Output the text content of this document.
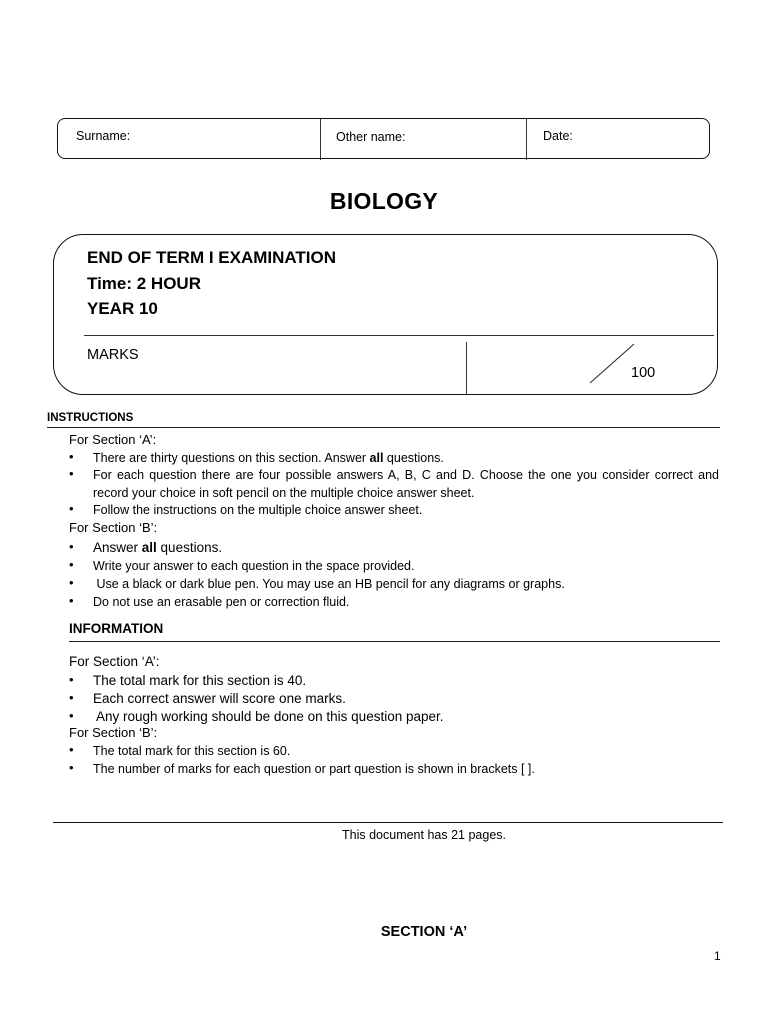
Surname:	Other name:	Date:
BIOLOGY
END OF TERM I EXAMINATION
Time: 2 HOUR
YEAR 10
MARKS
100
INSTRUCTIONS
For Section ‘A’:
• There are thirty questions on this section. Answer all questions.
• For each question there are four possible answers A, B, C and D. Choose the one you consider correct and record your choice in soft pencil on the multiple choice answer sheet.
• Follow the instructions on the multiple choice answer sheet.
For Section ‘B’:
• Answer all questions.
• Write your answer to each question in the space provided.
• Use a black or dark blue pen. You may use an HB pencil for any diagrams or graphs.
• Do not use an erasable pen or correction fluid.
INFORMATION
For Section ‘A’:
• The total mark for this section is 40.
• Each correct answer will score one marks.
• Any rough working should be done on this question paper.
For Section ‘B’:
• The total mark for this section is 60.
• The number of marks for each question or part question is shown in brackets [ ].
This document has 21 pages.
SECTION ‘A’
1
